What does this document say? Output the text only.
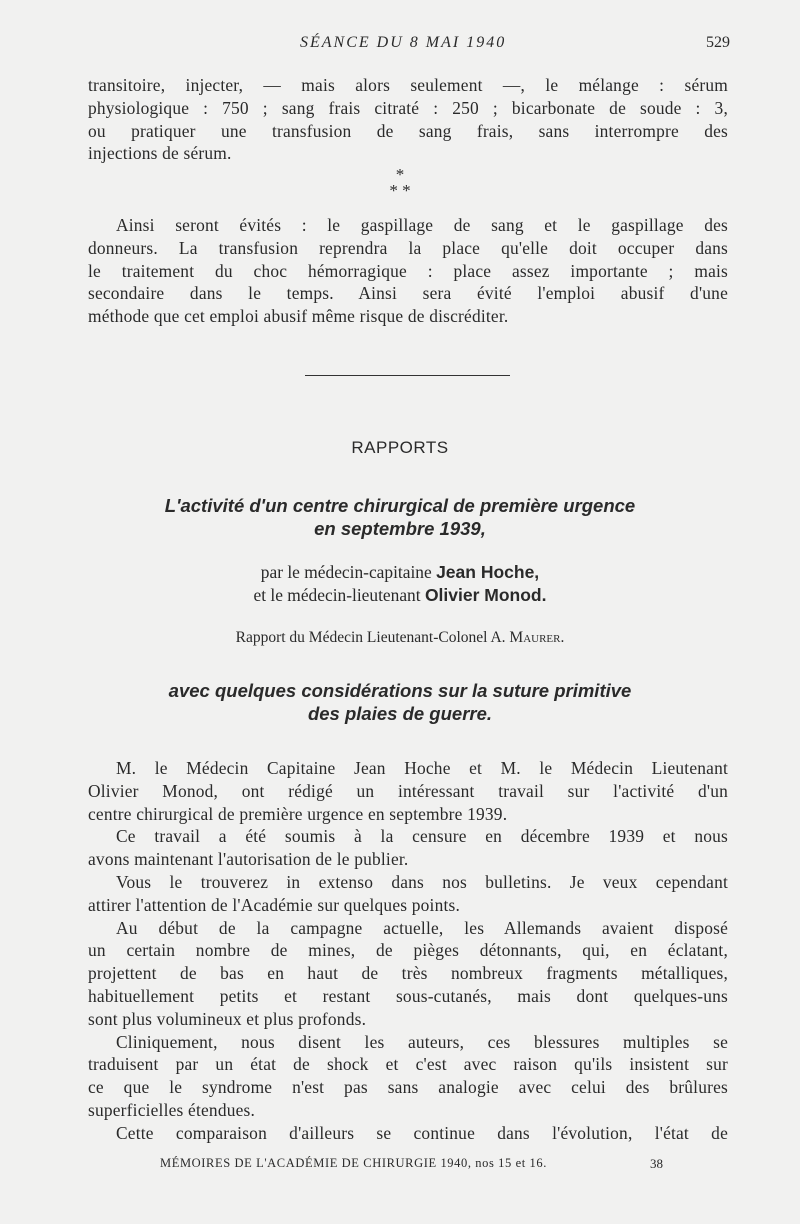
SÉANCE DU 8 MAI 1940	529
transitoire, injecter, — mais alors seulement —, le mélange : sérum
physiologique : 750 ; sang frais citraté : 250 ; bicarbonate de soude : 3,
ou pratiquer une transfusion de sang frais, sans interrompre des
injections de sérum.
*
* *
Ainsi seront évités : le gaspillage de sang et le gaspillage des
donneurs. La transfusion reprendra la place qu'elle doit occuper dans
le traitement du choc hémorragique : place assez importante ; mais
secondaire dans le temps. Ainsi sera évité l'emploi abusif d'une
méthode que cet emploi abusif même risque de discréditer.
RAPPORTS
L'activité d'un centre chirurgical de première urgence
en septembre 1939,
par le médecin-capitaine Jean Hoche,
et le médecin-lieutenant Olivier Monod.
Rapport du Médecin Lieutenant-Colonel A. Maurer.
avec quelques considérations sur la suture primitive
des plaies de guerre.
M. le Médecin Capitaine Jean Hoche et M. le Médecin Lieutenant
Olivier Monod, ont rédigé un intéressant travail sur l'activité d'un
centre chirurgical de première urgence en septembre 1939.
Ce travail a été soumis à la censure en décembre 1939 et nous
avons maintenant l'autorisation de le publier.
Vous le trouverez in extenso dans nos bulletins. Je veux cependant
attirer l'attention de l'Académie sur quelques points.
Au début de la campagne actuelle, les Allemands avaient disposé
un certain nombre de mines, de pièges détonnants, qui, en éclatant,
projettent de bas en haut de très nombreux fragments métalliques,
habituellement petits et restant sous-cutanés, mais dont quelques-uns
sont plus volumineux et plus profonds.
Cliniquement, nous disent les auteurs, ces blessures multiples se
traduisent par un état de shock et c'est avec raison qu'ils insistent sur
ce que le syndrome n'est pas sans analogie avec celui des brûlures
superficielles étendues.
Cette comparaison d'ailleurs se continue dans l'évolution, l'état de
MÉMOIRES DE L'ACADÉMIE DE CHIRURGIE 1940, nos 15 et 16.	38
